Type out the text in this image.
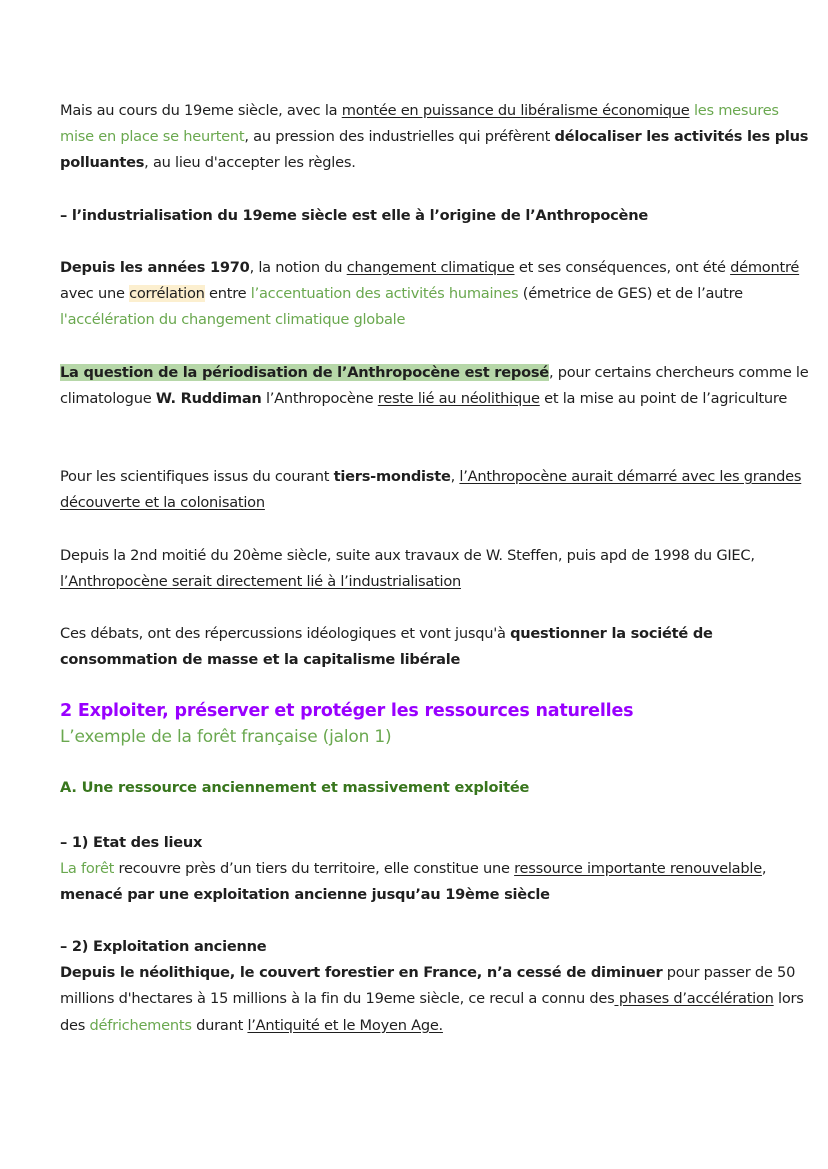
Mais au cours du 19eme siècle, avec la montée en puissance du libéralisme économique les mesures mise en place se heurtent, au pression des industrielles qui préfèrent délocaliser les activités les plus polluantes, au lieu d'accepter les règles.

– l’industrialisation du 19eme siècle est elle à l’origine de l’Anthropocène

Depuis les années 1970, la notion du changement climatique et ses conséquences, ont été démontré avec une corrélation entre l’accentuation des activités humaines (émetrice de GES) et de l’autre l'accélération du changement climatique globale

La question de la périodisation de l’Anthropocène est reposé, pour certains chercheurs comme le climatologue W. Ruddiman l’Anthropocène reste lié au néolithique et la mise au point de l’agriculture

Pour les scientifiques issus du courant tiers-mondiste, l’Anthropocène aurait démarré avec les grandes découverte et la colonisation

Depuis la 2nd moitié du 20ème siècle, suite aux travaux de W. Steffen, puis apd de 1998 du GIEC, l’Anthropocène serait directement lié à l’industrialisation

Ces débats, ont des répercussions idéologiques et vont jusqu'à questionner la société de consommation de masse et la capitalisme libérale

2 Exploiter, préserver et protéger les ressources naturelles
L’exemple de la forêt française (jalon 1)
A. Une ressource anciennement et massivement exploitée

– 1) Etat des lieux
La forêt recouvre près d’un tiers du territoire, elle constitue une ressource importante renouvelable, menacé par une exploitation ancienne jusqu’au 19ème siècle

– 2) Exploitation ancienne
Depuis le néolithique, le couvert forestier en France, n’a cessé de diminuer pour passer de 50 millions d'hectares à 15 millions à la fin du 19eme siècle, ce recul a connu des phases d’accélération lors des défrichements durant l’Antiquité et le Moyen Age.
